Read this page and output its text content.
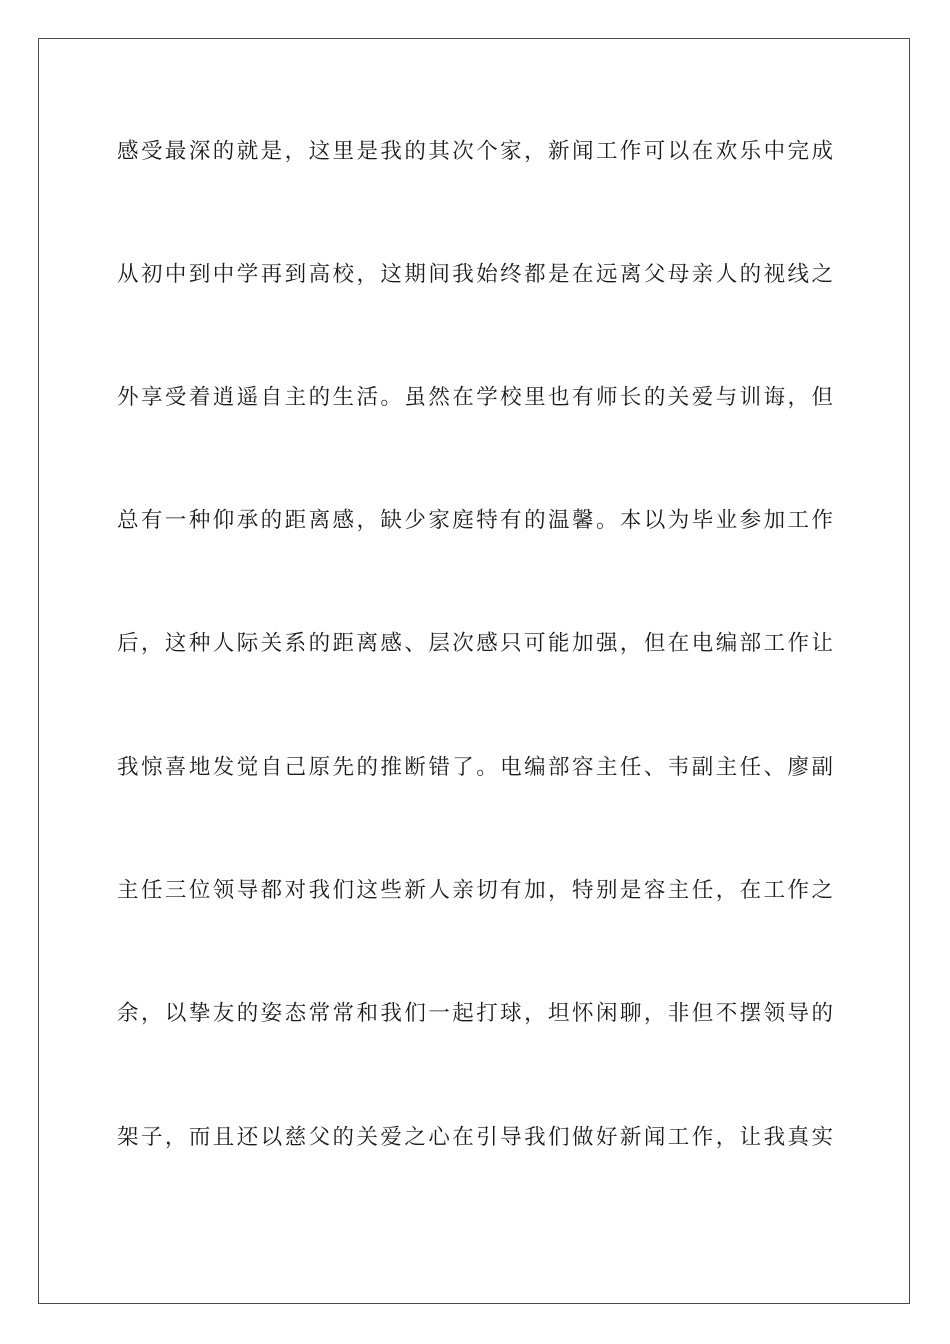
感受最深的就是，这里是我的其次个家，新闻工作可以在欢乐中完成
从初中到中学再到高校，这期间我始终都是在远离父母亲人的视线之
外享受着逍遥自主的生活。虽然在学校里也有师长的关爱与训诲，但
总有一种仰承的距离感，缺少家庭特有的温馨。本以为毕业参加工作
后，这种人际关系的距离感、层次感只可能加强，但在电编部工作让
我惊喜地发觉自己原先的推断错了。电编部容主任、韦副主任、廖副
主任三位领导都对我们这些新人亲切有加，特别是容主任，在工作之
余，以挚友的姿态常常和我们一起打球，坦怀闲聊，非但不摆领导的
架子，而且还以慈父的关爱之心在引导我们做好新闻工作，让我真实
